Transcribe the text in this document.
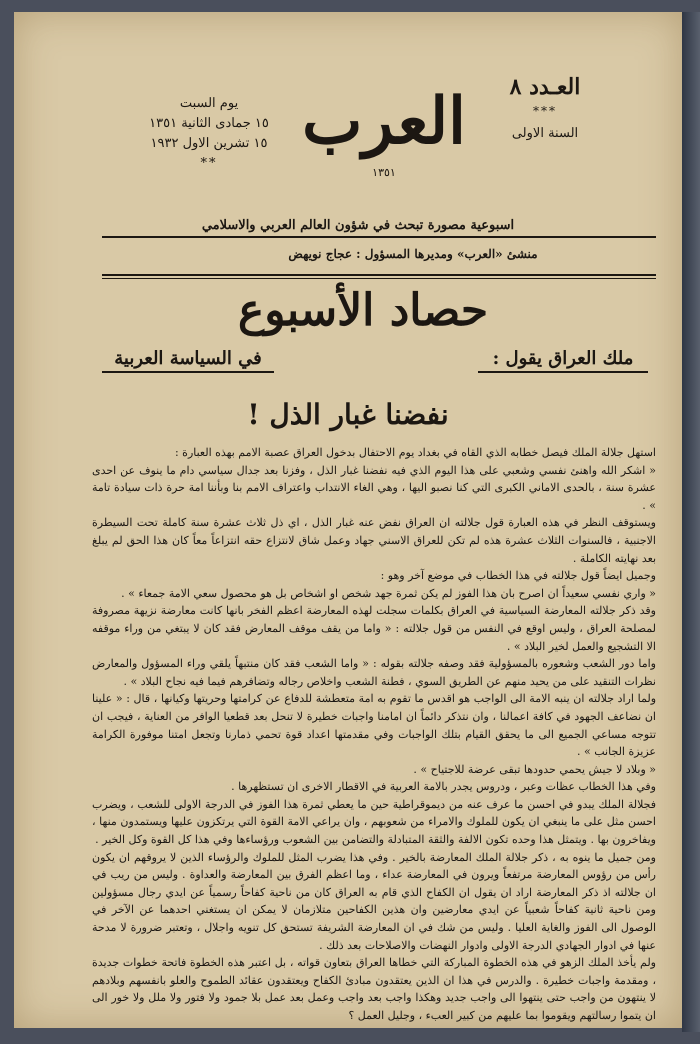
العـدد ٨
***
السنة الاولى
العرب
١٣٥١
يوم السبت
١٥ جمادى الثانية ١٣٥١
١٥ تشرين الاول ١٩٣٢
**
اسبوعية مصورة تبحث في شؤون العالم العربي والاسلامي
منشئ «العرب» ومديرها المسؤول : عجاج نويهض
حصاد الأسبوع
ملك العراق يقول :
في السياسة العربية
نفضنا غبار الذل !

استهل جلالة الملك فيصل خطابه الذي القاه في بغداد يوم الاحتفال بدخول العراق عصبة الامم بهذه العبارة :

« اشكر الله واهنئ نفسي وشعبي على هذا اليوم الذي فيه نفضنا غبار الذل ، وفزنا بعد جدال سياسي دام ما ينوف عن احدى عشرة سنة ، بالحدى الاماني الكبرى التي كنا نصبو اليها ، وهي الغاء الانتداب واعتراف الامم بنا وبأننا امة حرة ذات سيادة تامة » .

ويستوقف النظر في هذه العبارة قول جلالته ان العراق نفض عنه غبار الذل ، اي ذل ثلاث عشرة سنة كاملة تحت السيطرة الاجنبية ، فالسنوات الثلاث عشرة هذه لم تكن للعراق الاسني جهاد وعمل شاق لانتزاع حقه انتزاعاً معاً كان هذا الحق لم يبلغ بعد نهايته الكاملة .

وجميل ايضاً قول جلالته في هذا الخطاب في موضع آخر وهو :

« واري نفسي سعيداً ان اصرح بان هذا الفوز لم يكن ثمرة جهد شخص او اشخاص بل هو محصول سعي الامة جمعاء » .

وقد ذكر جلالته المعارضة السياسية في العراق بكلمات سجلت لهذه المعارضة اعظم الفخر بانها كانت معارضة نزيهة مصروفة لمصلحة العراق ، وليس اوقع في النفس من قول جلالته : « واما من يقف موقف المعارض فقد كان لا يبتغي من وراء موقفه الا التشجيع والعمل لخير البلاد » .

واما دور الشعب وشعوره بالمسؤولية فقد وصفه جلالته بقوله : « واما الشعب فقد كان منتبهاً يلقي وراء المسؤول والمعارض نظرات التنقيد على من يحيد منهم عن الطريق السوي ، فطنة الشعب واخلاص رجاله وتضافرهم فيما فيه نجاح البلاد » .

ولما اراد جلالته ان ينبه الامة الى الواجب هو اقدس ما تقوم به امة متعطشة للدفاع عن كرامتها وحريتها وكيانها ، قال : « علينا ان نضاعف الجهود في كافة اعمالنا ، وان نتذكر دائماً ان امامنا واجبات خطيرة لا تنحل بعد قطعيا الوافر من العناية ، فيجب ان تتوجه مساعي الجميع الى ما يحقق القيام بتلك الواجبات وفي مقدمتها اعداد قوة تحمي ذمارنا وتجعل امتنا موفورة الكرامة عزيزة الجانب » .

« وبلاد لا جيش يحمي حدودها تبقى عرضة للاجتياح » .

وفي هذا الخطاب عظات وعبر ، ودروس يجدر بالامة العربية في الاقطار الاخرى ان تستظهرها .

فجلالة الملك يبدو في احسن ما عرف عنه من ديموقراطية حين ما يعطي ثمرة هذا الفوز في الدرجة الاولى للشعب ، ويضرب احسن مثل على ما ينبغي ان يكون للملوك والامراء من شعوبهم ، وان يراعي الامة القوة التي يرتكزون عليها ويستمدون منها ، ويفاخرون بها . ويتمثل هذا وحده تكون الالفة والثقة المتبادلة والتضامن بين الشعوب ورؤساءها وفي هذا كل القوة وكل الخير .

ومن جميل ما ينوه به ، ذكر جلالة الملك المعارضة بالخير . وفي هذا يضرب المثل للملوك والرؤساء الذين لا يروقهم ان يكون رأس من رؤوس المعارضة مرتفعاً ويرون في المعارضة عداء ، وما اعظم الفرق بين المعارضة والعداوة . وليس من ريب في ان جلالته اذ ذكر المعارضة اراد ان يقول ان الكفاح الذي قام به العراق كان من ناحية كفاحاً رسمياً عن ايدي رجال مسؤولين ومن ناحية ثانية كفاحاً شعبياً عن ايدي معارضين وان هذين الكفاحين متلازمان لا يمكن ان يستغني احدهما عن الآخر في الوصول الى الفوز والغاية العليا . وليس من شك في ان المعارضة الشريفة تستحق كل تنويه واجلال ، وتعتبر ضرورة لا مدحة عنها في ادوار الجهادي الدرجة الاولى وادوار النهضات والاصلاحات بعد ذلك .

ولم يأخذ الملك الزهو في هذه الخطوة المباركة التي خطاها العراق بتعاون قواته ، بل اعتبر هذه الخطوة فاتحة خطوات جديدة ، ومقدمة واجبات خطيرة . والدرس في هذا ان الذين يعتقدون مبادئ الكفاح ويعتقدون عقائد الطموح والعلو بانفسهم وبلادهم لا ينتهون من واجب حتى ينتهوا الى واجب جديد وهكذا واجب بعد واجب وعمل بعد عمل بلا جمود ولا فتور ولا ملل ولا خور الى ان يتموا رسالتهم ويقوموا بما عليهم من كبير العبء ، وجليل العمل ؟
